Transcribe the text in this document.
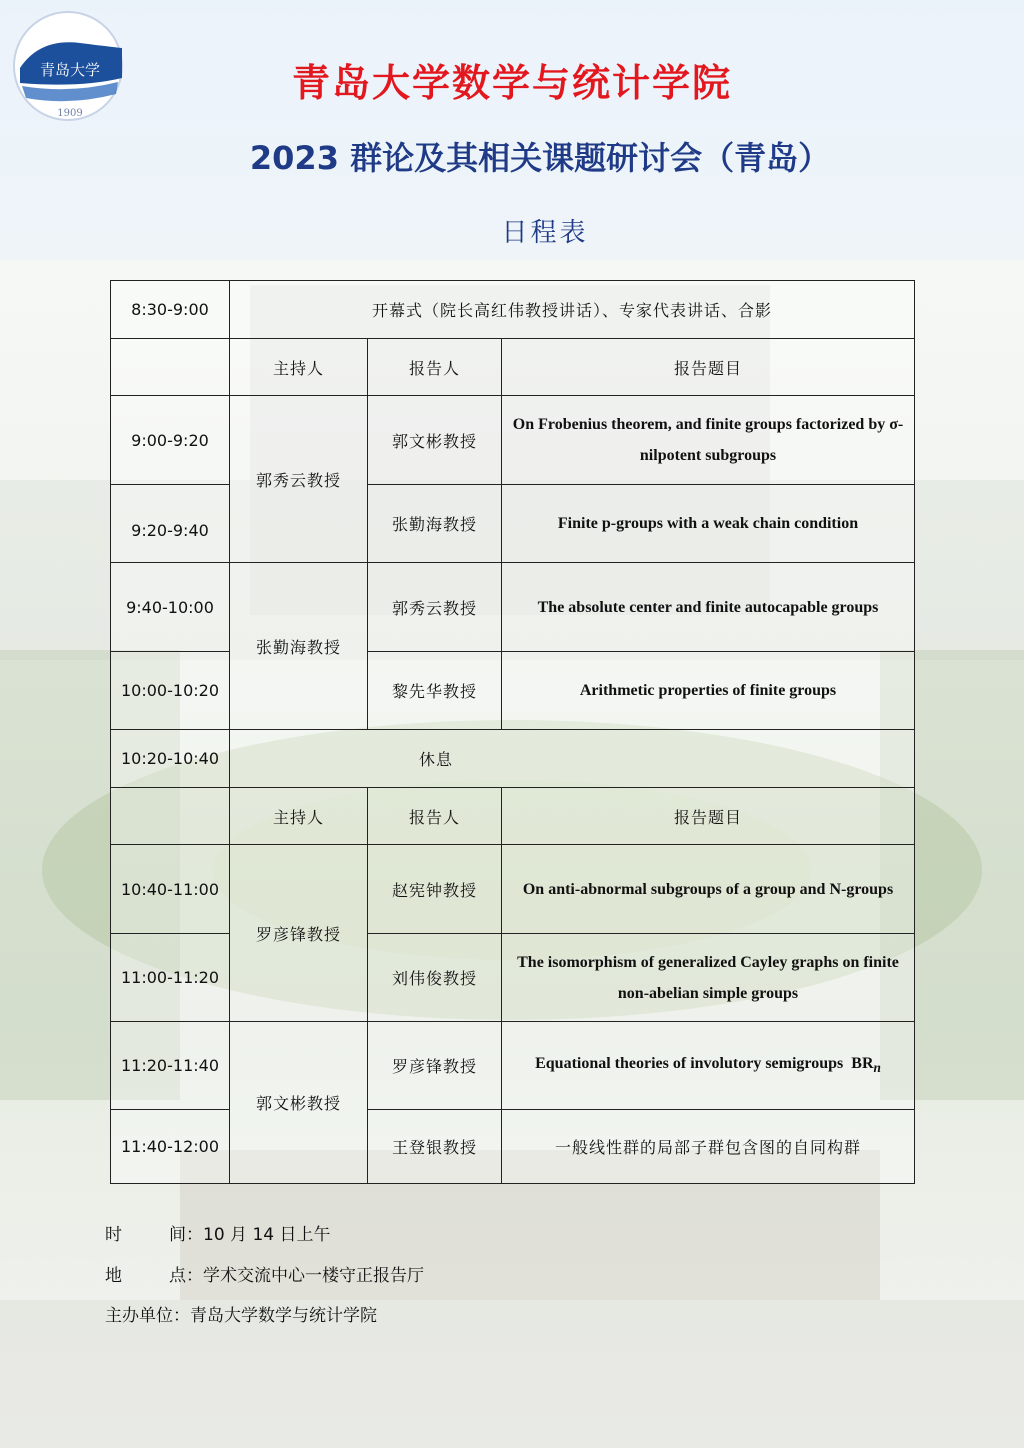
青岛大学
1909
青岛大学数学与统计学院
2023 群论及其相关课题研讨会（青岛）
日程表
8:30-9:00	开幕式（院长高红伟教授讲话）、专家代表讲话、合影		
	主持人	报告人	报告题目
9:00-9:20	郭秀云教授	郭文彬教授	On Frobenius theorem, and finite groups factorized by σ-nilpotent subgroups
9:20-9:40		张勤海教授	Finite p-groups with a weak chain condition
9:40-10:00	张勤海教授	郭秀云教授	The absolute center and finite autocapable groups
10:00-10:20		黎先华教授	Arithmetic properties of finite groups
10:20-10:40	休息		
	主持人	报告人	报告题目
10:40-11:00	罗彦锋教授	赵宪钟教授	On anti-abnormal subgroups of a group and N-groups
11:00-11:20		刘伟俊教授	The isomorphism of generalized Cayley graphs on finite non-abelian simple groups
11:20-11:40	郭文彬教授	罗彦锋教授	Equational theories of involutory semigroups $BR_n$
11:40-12:00		王登银教授	一般线性群的局部子群包含图的自同构群
时	间：10 月 14 日上午
地	点：学术交流中心一楼守正报告厅
主办单位：青岛大学数学与统计学院
